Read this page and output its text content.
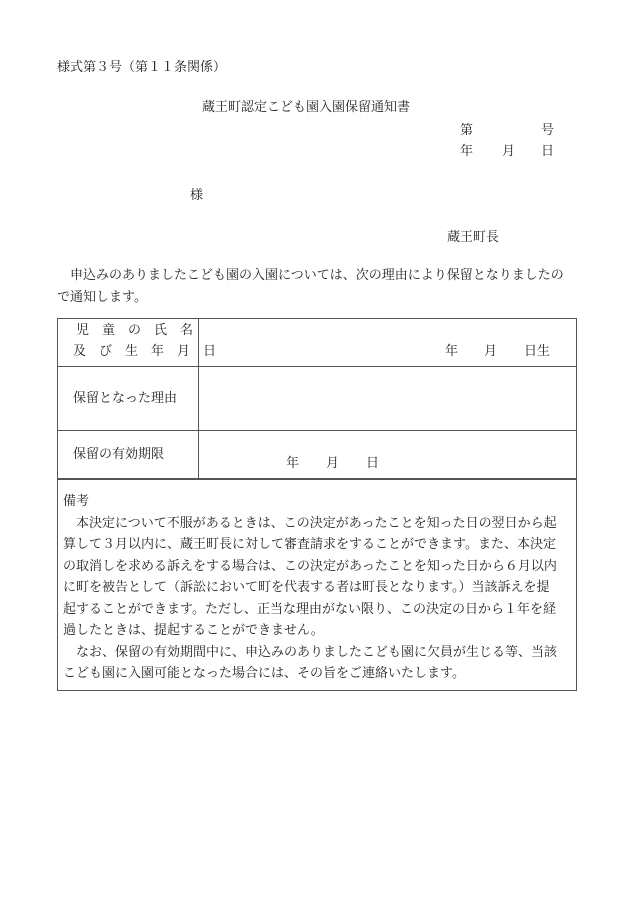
様式第３号（第１１条関係）
蔵王町認定こども園入園保留通知書
第	号
年 月 日
様
蔵王町長
申込みのありましたこども園の入園については、次の理由により保留となりましたの
で通知します。
児　童　の　氏　名
及　び　生　年　月　日	年 月 日生
保留となった理由
保留の有効期限
年 月 日
備考
本決定について不服があるときは、この決定があったことを知った日の翌日から起
算して３月以内に、蔵王町長に対して審査請求をすることができます。また、本決定
の取消しを求める訴えをする場合は、この決定があったことを知った日から６月以内
に町を被告として（訴訟において町を代表する者は町長となります。）当該訴えを提
起することができます。ただし、正当な理由がない限り、この決定の日から１年を経
過したときは、提起することができません。
なお、保留の有効期間中に、申込みのありましたこども園に欠員が生じる等、当該
こども園に入園可能となった場合には、その旨をご連絡いたします。
